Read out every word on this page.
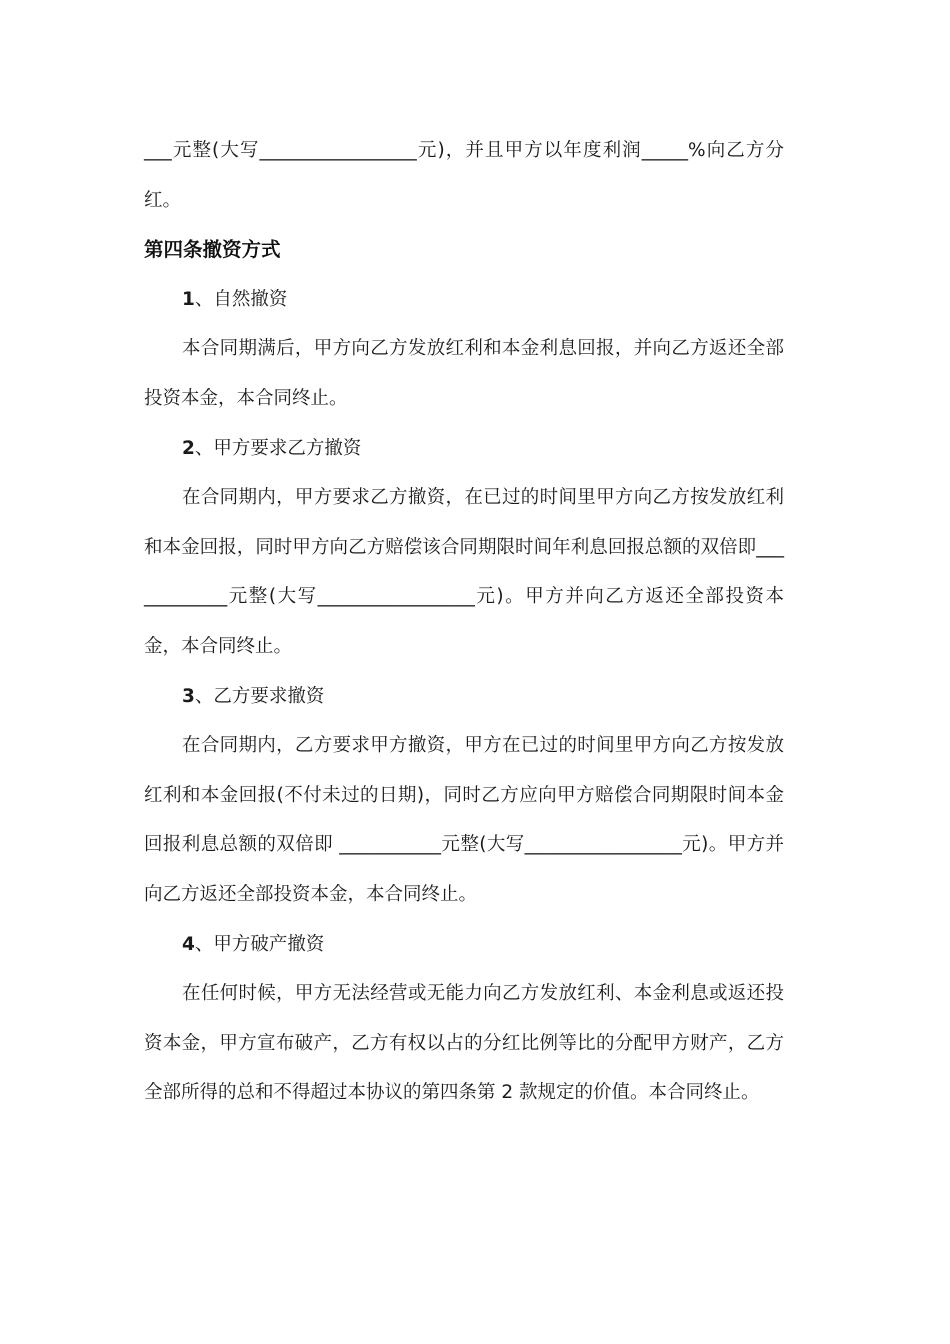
___元整(大写_________________元)，并且甲方以年度利润_____%向乙方分红。

第四条撤资方式

1、自然撤资

本合同期满后，甲方向乙方发放红利和本金利息回报，并向乙方返还全部投资本金，本合同终止。

2、甲方要求乙方撤资

在合同期内，甲方要求乙方撤资，在已过的时间里甲方向乙方按发放红利和本金回报，同时甲方向乙方赔偿该合同期限时间年利息回报总额的双倍即____________元整(大写_________________元)。甲方并向乙方返还全部投资本金，本合同终止。

3、乙方要求撤资

在合同期内，乙方要求甲方撤资，甲方在已过的时间里甲方向乙方按发放红利和本金回报(不付未过的日期)，同时乙方应向甲方赔偿合同期限时间本金回报利息总额的双倍即 ___________元整(大写_________________元)。甲方并向乙方返还全部投资本金，本合同终止。

4、甲方破产撤资

在任何时候，甲方无法经营或无能力向乙方发放红利、本金利息或返还投资本金，甲方宣布破产，乙方有权以占的分红比例等比的分配甲方财产，乙方全部所得的总和不得超过本协议的第四条第 2 款规定的价值。本合同终止。
